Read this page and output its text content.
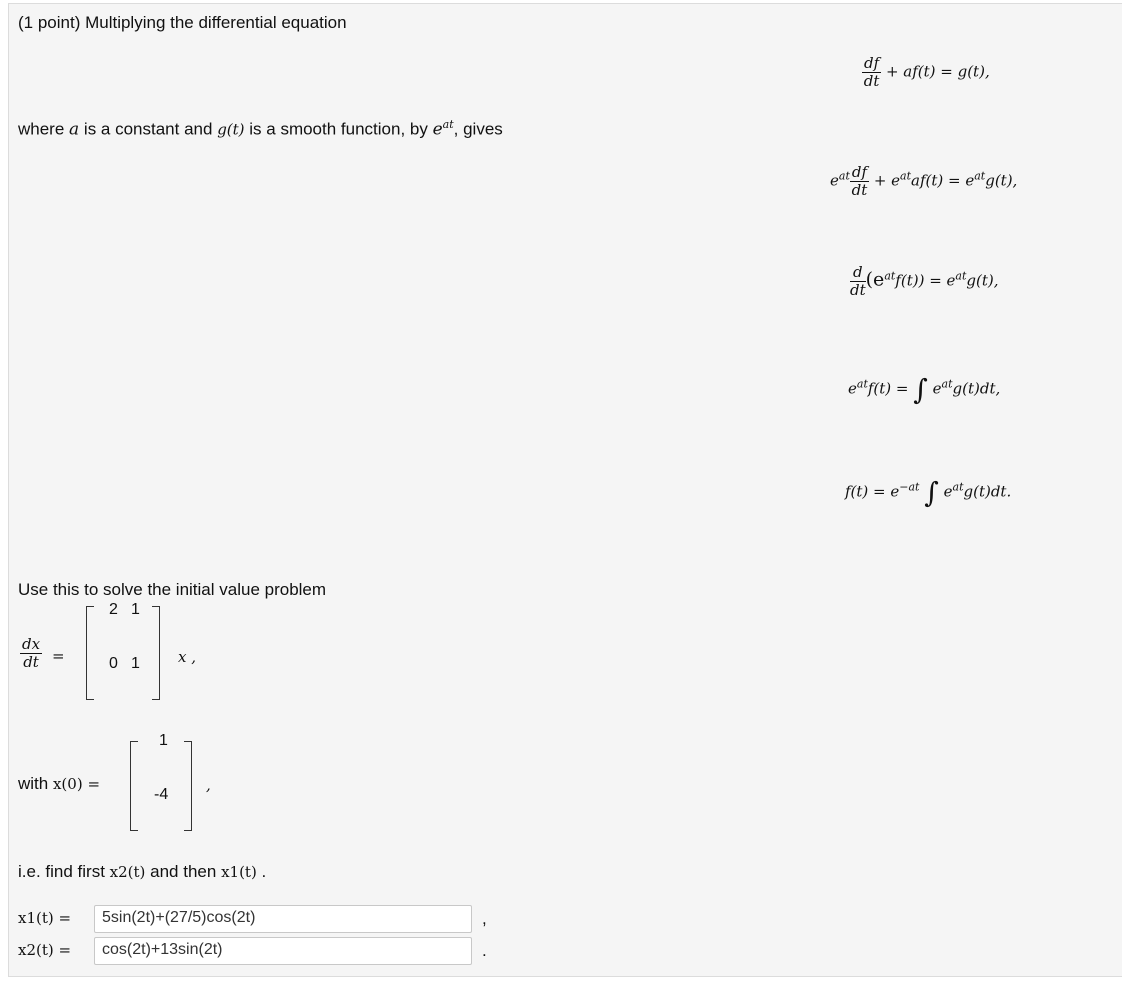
(1 point) Multiplying the differential equation
$\frac{df}{dt} + af(t) = g(t)$,
where a is a constant and g(t) is a smooth function, by $e^{at}$, gives
$e^{at} \frac{df}{dt} + e^{at}af(t) = e^{at}g(t)$,
$\frac{d}{dt} (e^{at}f(t)) = e^{at}g(t)$,
$e^{at}f(t)$ = ∫ $e^{at}g(t)dt$,
$f(t) = e^{-at}$ ∫ $e^{at}g(t)dt$.
Use this to solve the initial value problem
$\frac{dx}{dt}$ =
2 1
0 1	x ,
with x(0) =
1
-4
,
i.e. find first x2(t) and then x1(t) .
x1(t) =	5sin(2t)+(27/5)cos(2t)	,
x2(t) =	cos(2t)+13sin(2t)	.
